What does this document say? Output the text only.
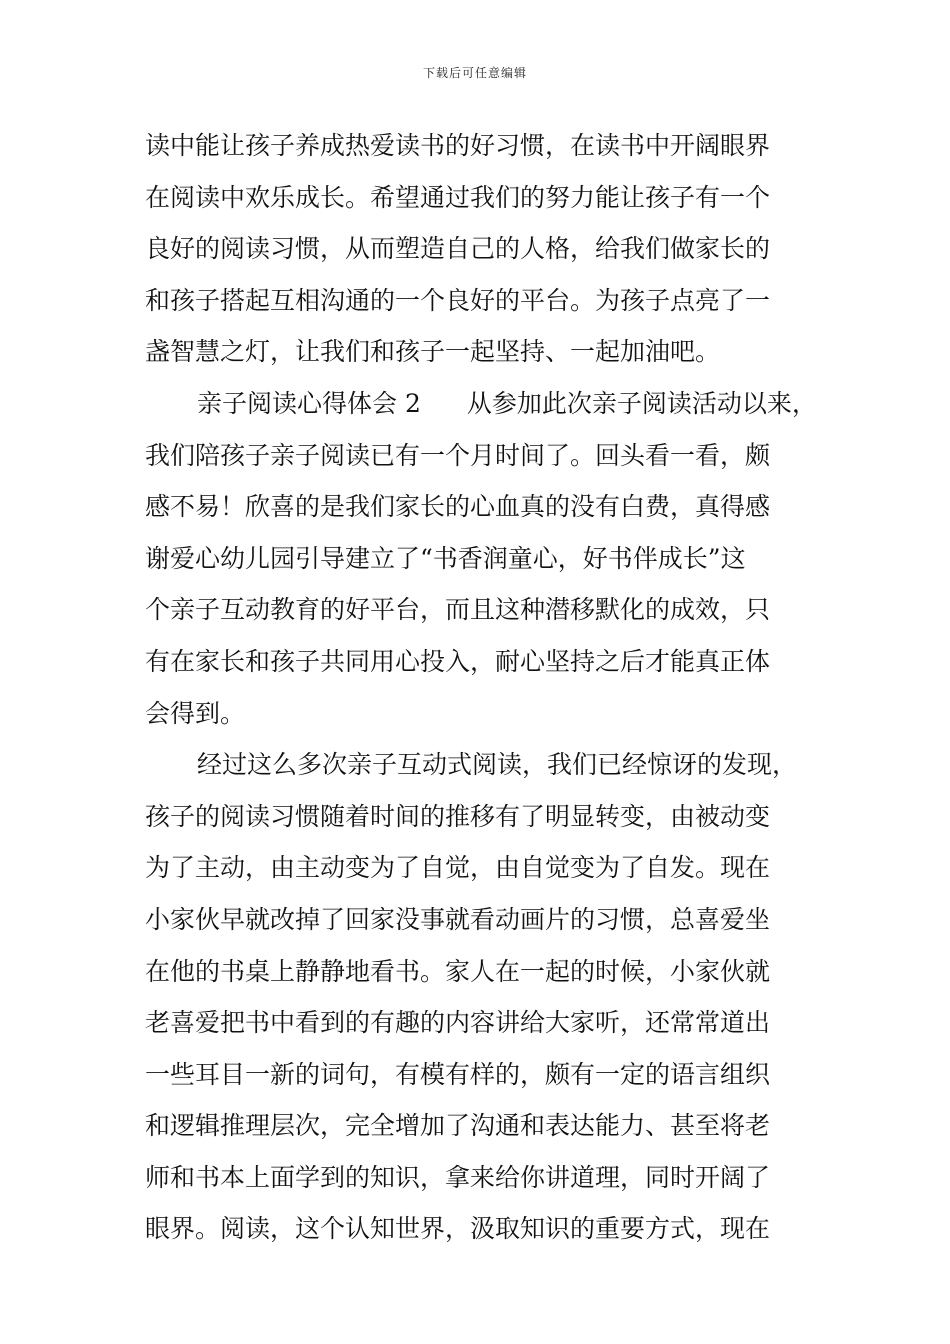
下载后可任意编辑
读中能让孩子养成热爱读书的好习惯，在读书中开阔眼界
在阅读中欢乐成长。希望通过我们的努力能让孩子有一个
良好的阅读习惯，从而塑造自己的人格，给我们做家长的
和孩子搭起互相沟通的一个良好的平台。为孩子点亮了一
盏智慧之灯，让我们和孩子一起坚持、一起加油吧。
亲子阅读心得体会 2 从参加此次亲子阅读活动以来，
我们陪孩子亲子阅读已有一个月时间了。回头看一看，颇
感不易！欣喜的是我们家长的心血真的没有白费，真得感
谢爱心幼儿园引导建立了“书香润童心，好书伴成长”这
个亲子互动教育的好平台，而且这种潜移默化的成效，只
有在家长和孩子共同用心投入，耐心坚持之后才能真正体
会得到。
经过这么多次亲子互动式阅读，我们已经惊讶的发现，
孩子的阅读习惯随着时间的推移有了明显转变，由被动变
为了主动，由主动变为了自觉，由自觉变为了自发。现在
小家伙早就改掉了回家没事就看动画片的习惯，总喜爱坐
在他的书桌上静静地看书。家人在一起的时候，小家伙就
老喜爱把书中看到的有趣的内容讲给大家听，还常常道出
一些耳目一新的词句，有模有样的，颇有一定的语言组织
和逻辑推理层次，完全增加了沟通和表达能力、甚至将老
师和书本上面学到的知识，拿来给你讲道理，同时开阔了
眼界。阅读，这个认知世界，汲取知识的重要方式，现在
